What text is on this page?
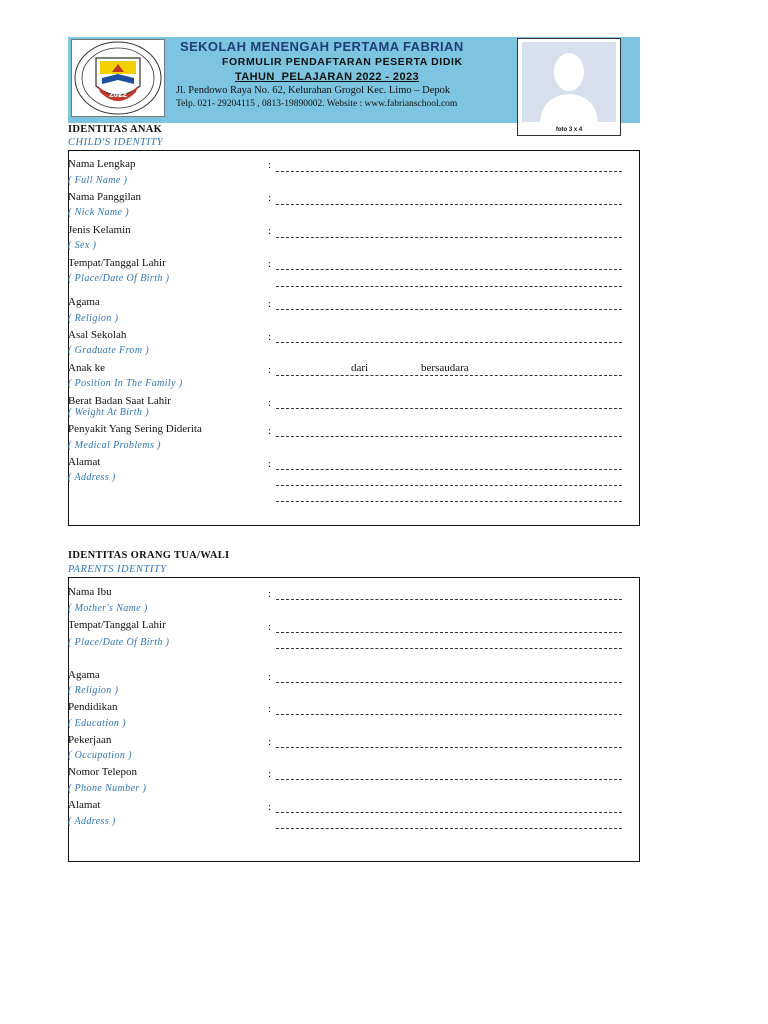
2022
SEKOLAH MENENGAH PERTAMA FABRIAN
FORMULIR PENDAFTARAN PESERTA DIDIK
TAHUN  PELAJARAN 2022 - 2023
Jl. Pendowo Raya No. 62, Kelurahan Grogol Kec. Limo – Depok
Telp. 021- 29204115 , 0813-19890002. Website : www.fabrianschool.com
foto 3 x 4
IDENTITAS ANAK
CHILD'S IDENTITY
Nama Lengkap
( Full Name )
:
Nama Panggilan
( Nick Name )
:
Jenis Kelamin
( Sex )
:
Tempat/Tanggal Lahir
( Place/Date Of Birth )
:
Agama
( Religion )
:
Asal Sekolah
( Graduate From )
:
Anak ke
( Position In The Family )
:	dari	bersaudara
Berat Badan Saat Lahir
( Weight At Birth )
:
Penyakit Yang Sering Diderita
( Medical Problems )
:
Alamat
( Address )
:
IDENTITAS ORANG TUA/WALI
PARENTS IDENTITY
Nama Ibu
( Mother's Name )
:
Tempat/Tanggal Lahir
( Place/Date Of Birth )
:
Agama
( Religion )
:
Pendidikan
( Education )
:
Pekerjaan
( Occupation )
:
Nomor Telepon
( Phone Number )
:
Alamat
( Address )
:
